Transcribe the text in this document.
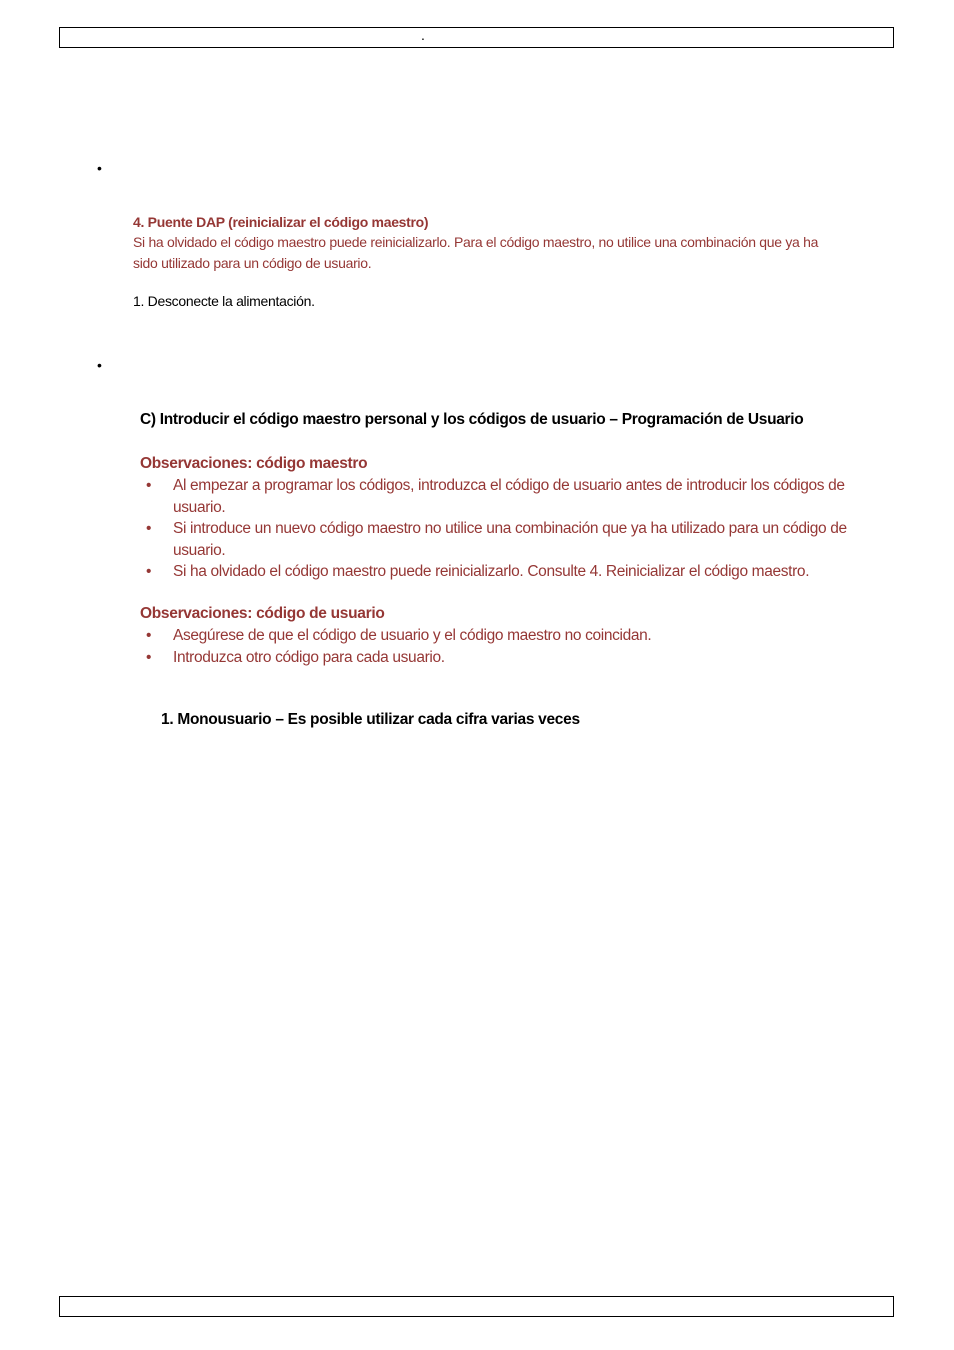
.
•
4. Puente DAP (reinicializar el código maestro)
Si ha olvidado el código maestro puede reinicializarlo. Para el código maestro, no utilice una combinación que ya ha
sido utilizado para un código de usuario.
1. Desconecte la alimentación.
•
C) Introducir el código maestro personal y los códigos de usuario – Programación de Usuario
Observaciones: código maestro
• Al empezar a programar los códigos, introduzca el código de usuario antes de introducir los códigos de usuario.
• Si introduce un nuevo código maestro no utilice una combinación que ya ha utilizado para un código de usuario.
• Si ha olvidado el código maestro puede reinicializarlo. Consulte 4. Reinicializar el código maestro.
Observaciones: código de usuario
• Asegúrese de que el código de usuario y el código maestro no coincidan.
• Introduzca otro código para cada usuario.
1. Monousuario – Es posible utilizar cada cifra varias veces
